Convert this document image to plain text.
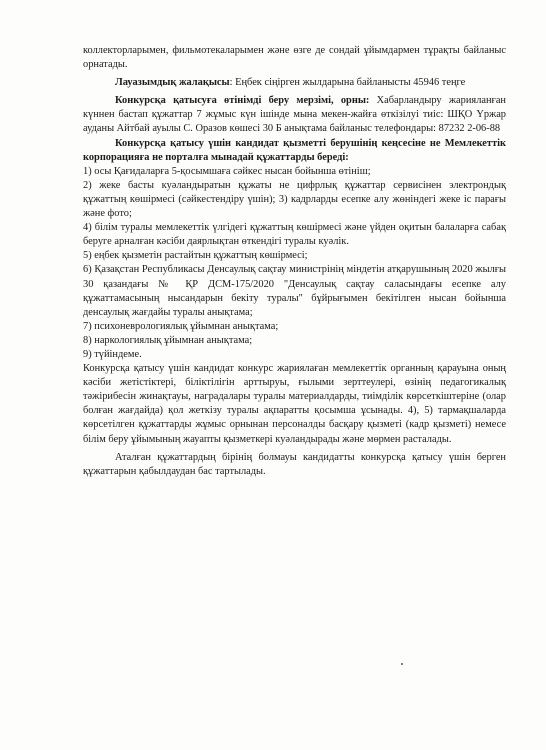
коллекторларымен, фильмотекаларымен және өзге де сондай ұйымдармен тұрақты байланыс орнатады.

Лауазымдық жалақысы: Еңбек сіңірген жылдарына байланысты 45946 теңге

Конкурсқа қатысуға өтінімді беру мерзімі, орны: Хабарландыру жарияланған күннен бастап құжаттар 7 жұмыс күн ішінде мына мекен-жайға өткізілуі тиіс: ШҚО Үржар ауданы Айтбай ауылы С. Оразов көшесі 30 Б анықтама байланыс телефондары: 87232 2-06-88

Конкурсқа қатысу үшін кандидат қызметті берушінің кеңсесіне не Мемлекеттік корпорацияға не порталға мынадай құжаттарды береді:

1) осы Қағидаларға 5-қосымшаға сәйкес нысан бойынша өтініш;

2) жеке басты куәландыратын құжаты не цифрлық құжаттар сервисінен электрондық құжаттың көшірмесі (сәйкестендіру үшін); 3) кадрларды есепке алу жөніндегі жеке іс парағы және фото;

4) білім туралы мемлекеттік үлгідегі құжаттың көшірмесі және үйден оқитын балаларға сабақ беруге арналған кәсіби даярлықтан өткендігі туралы куәлік.

5) еңбек қызметін растайтын құжаттың көшірмесі;

6) Қазақстан Республикасы Денсаулық сақтау министрінің міндетін атқарушының 2020 жылғы 30 қазандағы № ҚР ДСМ-175/2020 "Денсаулық сақтау саласындағы есепке алу құжаттамасының нысандарын бекіту туралы" бұйрығымен бекітілген нысан бойынша денсаулық жағдайы туралы анықтама;

7) психоневрологиялық ұйымнан анықтама;

8) наркологиялық ұйымнан анықтама;

9) түйіндеме.

Конкурсқа қатысу үшін кандидат конкурс жариялаған мемлекеттік органның қарауына оның кәсіби жетістіктері, біліктілігін арттыруы, ғылыми зерттеулері, өзінің педагогикалық тәжірибесін жинақтауы, наградалары туралы материалдарды, тиімділік көрсеткіштеріне (олар болған жағдайда) қол жеткізу туралы ақпаратты қосымша ұсынады. 4), 5) тармақшаларда көрсетілген құжаттарды жұмыс орнынан персоналды басқару қызметі (кадр қызметі) немесе білім беру ұйымының жауапты қызметкері куәландырады және мөрмен расталады.

Аталған құжаттардың бірінің болмауы кандидатты конкурсқа қатысу үшін берген құжаттарын қабылдаудан бас тартылады.
